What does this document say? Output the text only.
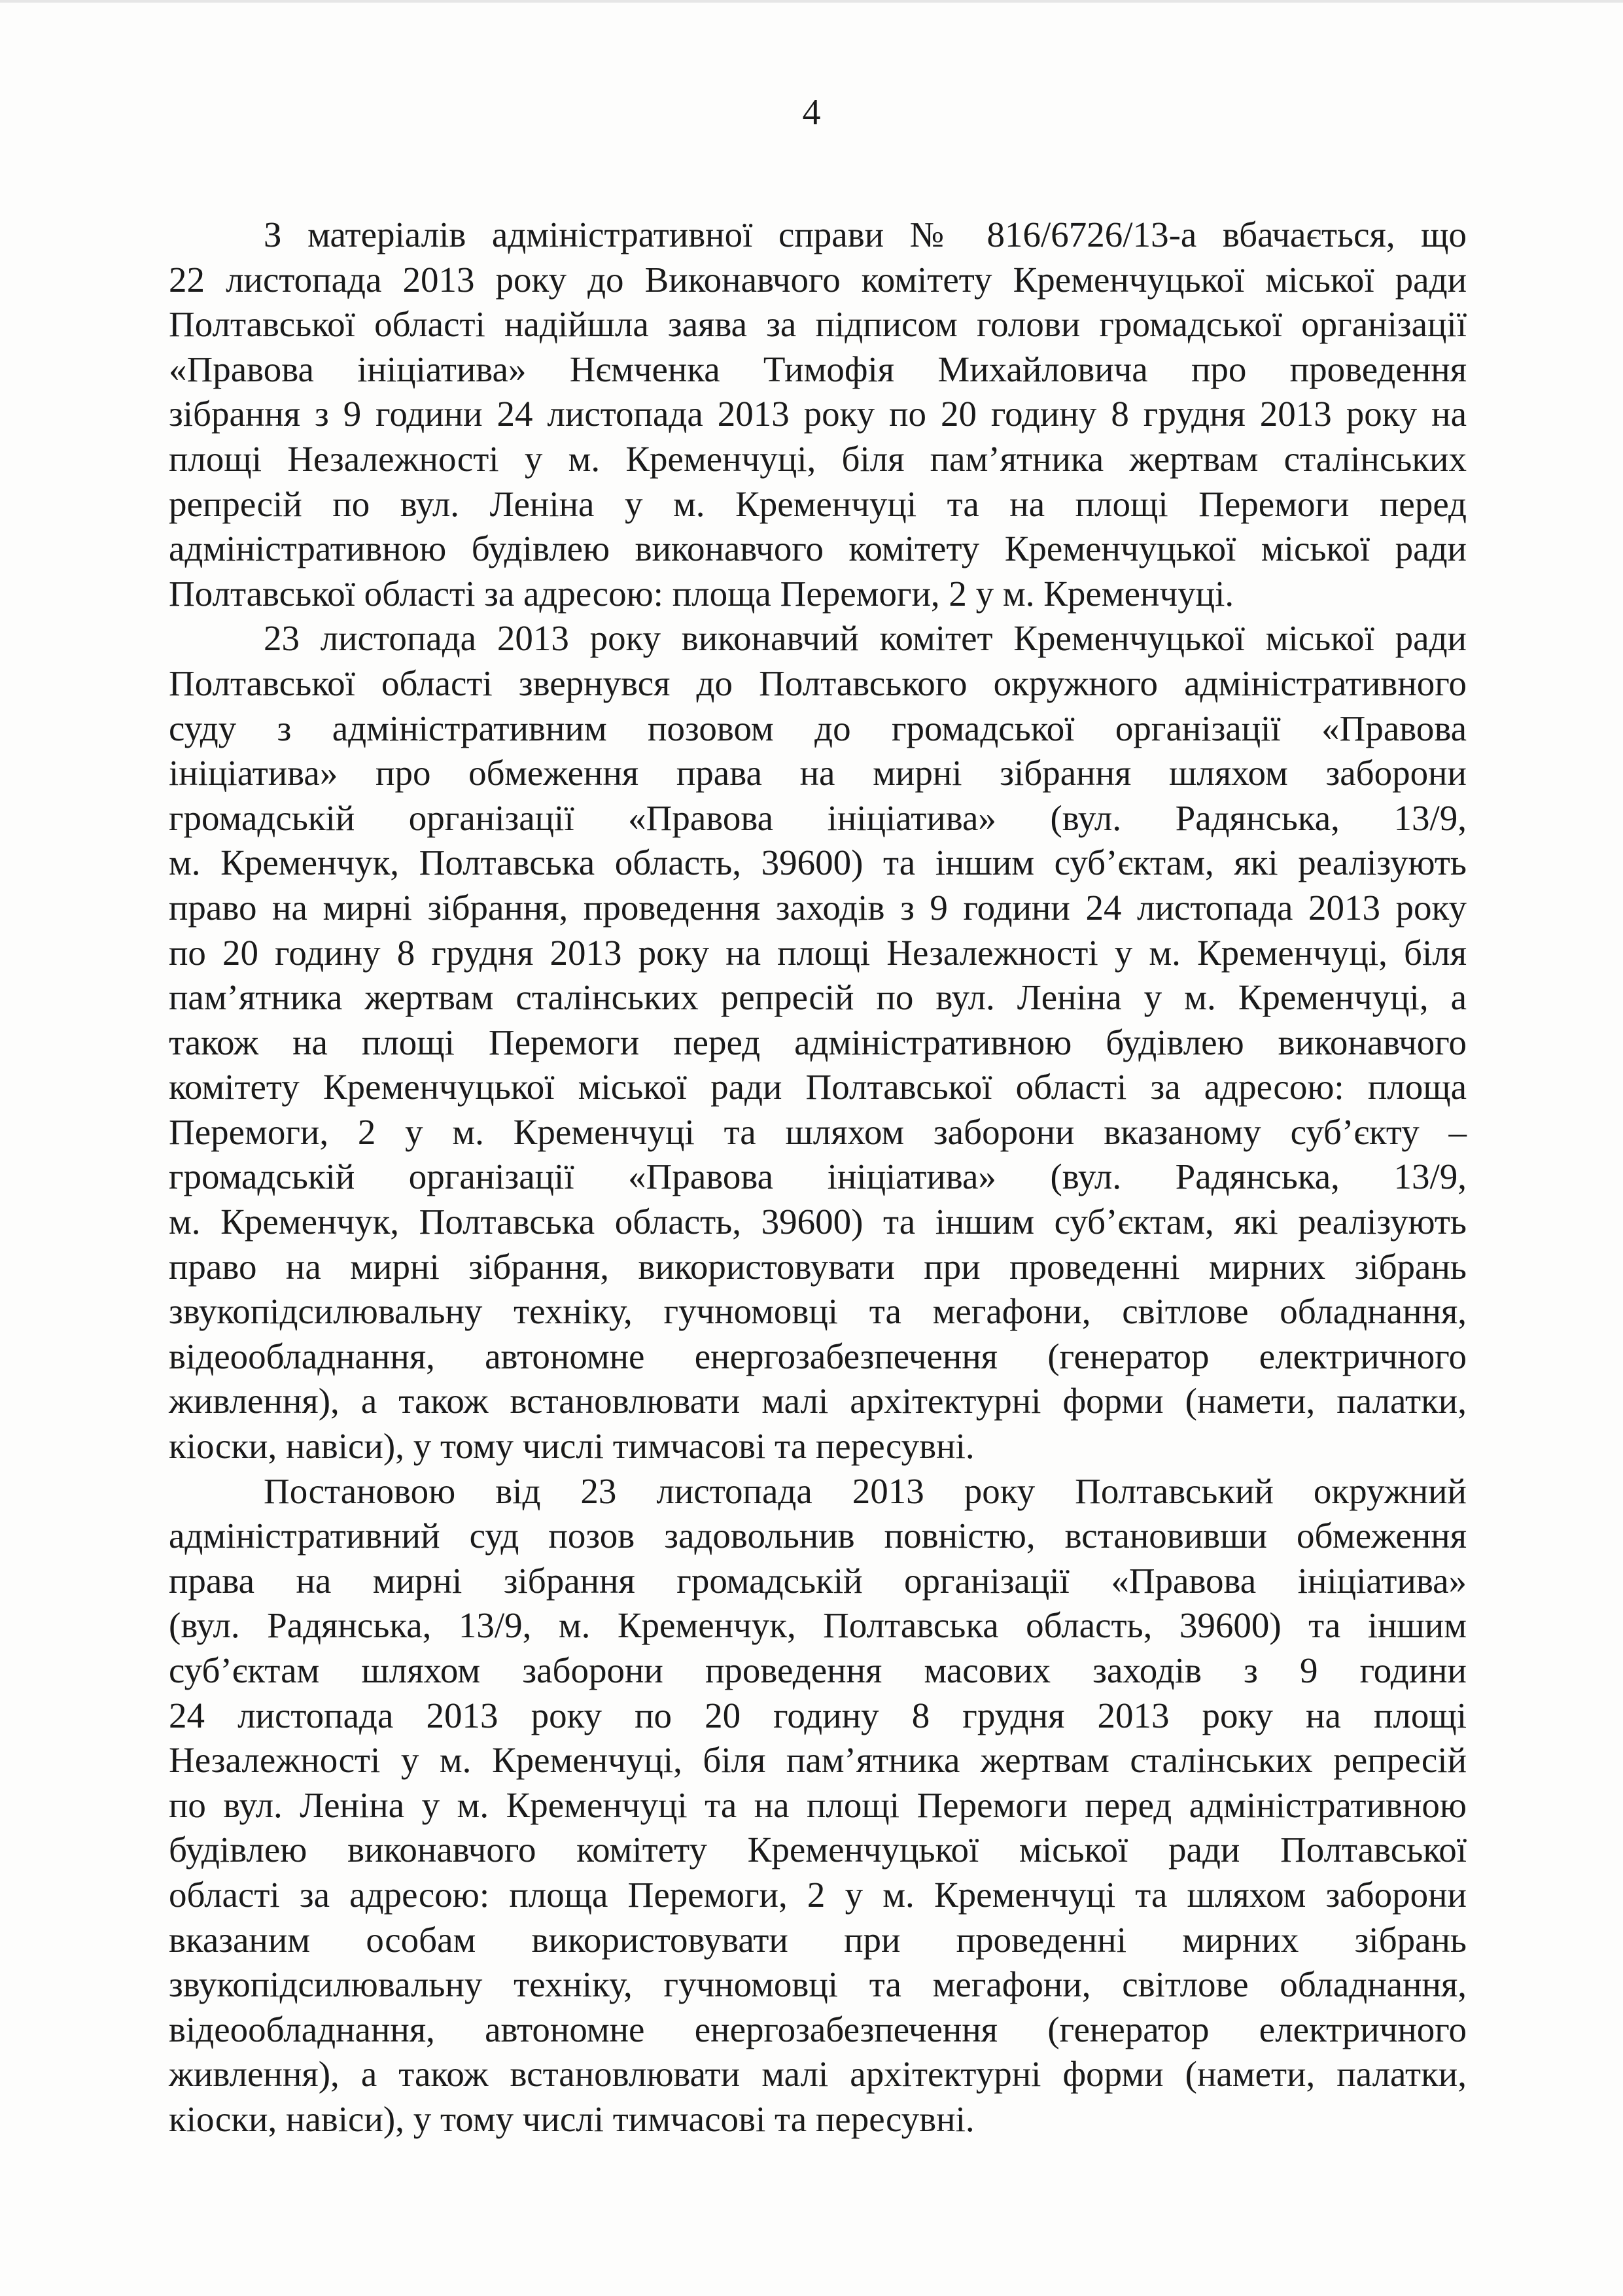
4
З матеріалів адміністративної справи № 816/6726/13-а вбачається, що
22 листопада 2013 року до Виконавчого комітету Кременчуцької міської ради
Полтавської області надійшла заява за підписом голови громадської організації
«Правова ініціатива» Нємченка Тимофія Михайловича про проведення
зібрання з 9 години 24 листопада 2013 року по 20 годину 8 грудня 2013 року на
площі Незалежності у м. Кременчуці, біля пам’ятника жертвам сталінських
репресій по вул. Леніна у м. Кременчуці та на площі Перемоги перед
адміністративною будівлею виконавчого комітету Кременчуцької міської ради
Полтавської області за адресою: площа Перемоги, 2 у м. Кременчуці.
23 листопада 2013 року виконавчий комітет Кременчуцької міської ради
Полтавської області звернувся до Полтавського окружного адміністративного
суду з адміністративним позовом до громадської організації «Правова
ініціатива» про обмеження права на мирні зібрання шляхом заборони
громадській організації «Правова ініціатива» (вул. Радянська, 13/9,
м. Кременчук, Полтавська область, 39600) та іншим суб’єктам, які реалізують
право на мирні зібрання, проведення заходів з 9 години 24 листопада 2013 року
по 20 годину 8 грудня 2013 року на площі Незалежності у м. Кременчуці, біля
пам’ятника жертвам сталінських репресій по вул. Леніна у м. Кременчуці, а
також на площі Перемоги перед адміністративною будівлею виконавчого
комітету Кременчуцької міської ради Полтавської області за адресою: площа
Перемоги, 2 у м. Кременчуці та шляхом заборони вказаному суб’єкту –
громадській організації «Правова ініціатива» (вул. Радянська, 13/9,
м. Кременчук, Полтавська область, 39600) та іншим суб’єктам, які реалізують
право на мирні зібрання, використовувати при проведенні мирних зібрань
звукопідсилювальну техніку, гучномовці та мегафони, світлове обладнання,
відеообладнання, автономне енергозабезпечення (генератор електричного
живлення), а також встановлювати малі архітектурні форми (намети, палатки,
кіоски, навіси), у тому числі тимчасові та пересувні.
Постановою від 23 листопада 2013 року Полтавський окружний
адміністративний суд позов задовольнив повністю, встановивши обмеження
права на мирні зібрання громадській організації «Правова ініціатива»
(вул. Радянська, 13/9, м. Кременчук, Полтавська область, 39600) та іншим
суб’єктам шляхом заборони проведення масових заходів з 9 години
24 листопада 2013 року по 20 годину 8 грудня 2013 року на площі
Незалежності у м. Кременчуці, біля пам’ятника жертвам сталінських репресій
по вул. Леніна у м. Кременчуці та на площі Перемоги перед адміністративною
будівлею виконавчого комітету Кременчуцької міської ради Полтавської
області за адресою: площа Перемоги, 2 у м. Кременчуці та шляхом заборони
вказаним особам використовувати при проведенні мирних зібрань
звукопідсилювальну техніку, гучномовці та мегафони, світлове обладнання,
відеообладнання, автономне енергозабезпечення (генератор електричного
живлення), а також встановлювати малі архітектурні форми (намети, палатки,
кіоски, навіси), у тому числі тимчасові та пересувні.
